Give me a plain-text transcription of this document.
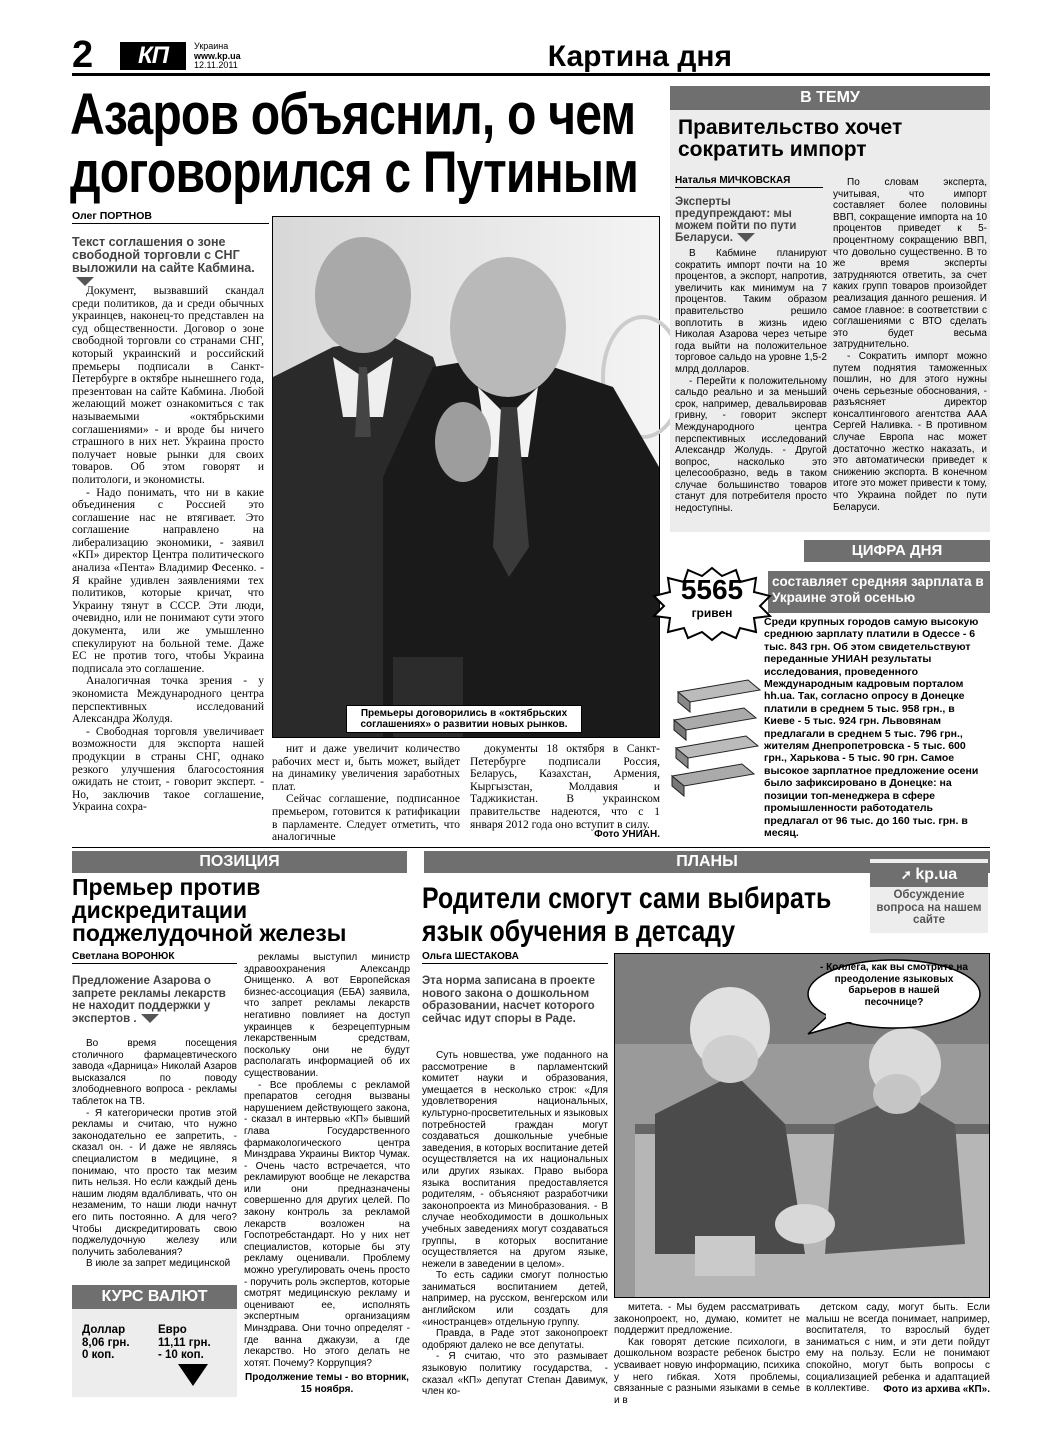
2	КП	Украина
www.kp.ua
12.11.2011	Картина дня
Азаров объяснил, о чем
договорился с Путиным
Олег ПОРТНОВ
Текст соглашения о зоне свободной торговли с СНГ выложили на сайте Кабмина.

Документ, вызвавший скандал среди политиков, да и среди обычных украинцев, наконец-то представлен на суд общественности. Договор о зоне свободной торговли со странами СНГ, который украинский и российский премьеры подписали в Санкт-Петербурге в октябре нынешнего года, презентован на сайте Кабмина. Любой желающий может ознакомиться с так называемыми «октябрьскими соглашениями» - и вроде бы ничего страшного в них нет. Украина просто получает новые рынки для своих товаров. Об этом говорят и политологи, и экономисты.

- Надо понимать, что ни в какие объединения с Россией это соглашение нас не втягивает. Это соглашение направлено на либерализацию экономики, - заявил «КП» директор Центра политического анализа «Пента» Владимир Фесенко. - Я крайне удивлен заявлениями тех политиков, которые кричат, что Украину тянут в СССР. Эти люди, очевидно, или не понимают сути этого документа, или же умышленно спекулируют на больной теме. Даже ЕС не против того, чтобы Украина подписала это соглашение.

Аналогичная точка зрения - у экономиста Международного центра перспективных исследований Александра Жолудя.

- Свободная торговля увеличивает возможности для экспорта нашей продукции в страны СНГ, однако резкого улучшения благосостояния ожидать не стоит, - говорит эксперт. - Но, заключив такое соглашение, Украина сохра-

Премьеры договорились в «октябрьских соглашениях» о развитии новых рынков.

нит и даже увеличит количество рабочих мест и, быть может, выйдет на динамику увеличения заработных плат.

Сейчас соглашение, подписанное премьером, готовится к ратификации в парламенте. Следует отметить, что аналогичные

документы 18 октября в Санкт-Петербурге подписали Россия, Беларусь, Казахстан, Армения, Кыргызстан, Молдавия и Таджикистан. В украинском правительстве надеются, что с 1 января 2012 года оно вступит в силу.

Фото УНИАН.
В ТЕМУ
Правительство хочет сократить импорт
Наталья МИЧКОВСКАЯ
Эксперты предупреждают: мы можем пойти по пути Беларуси.

В Кабмине планируют сократить импорт почти на 10 процентов, а экспорт, напротив, увеличить как минимум на 7 процентов. Таким образом правительство решило воплотить в жизнь идею Николая Азарова через четыре года выйти на положительное торговое сальдо на уровне 1,5-2 млрд долларов.

- Перейти к положительному сальдо реально и за меньший срок, например, девальвировав гривну, - говорит эксперт Международного центра перспективных исследований Александр Жолудь. - Другой вопрос, насколько это целесообразно, ведь в таком случае большинство товаров станут для потребителя просто недоступны.

По словам эксперта, учитывая, что импорт составляет более половины ВВП, сокращение импорта на 10 процентов приведет к 5-процентному сокращению ВВП, что довольно существенно. В то же время эксперты затрудняются ответить, за счет каких групп товаров произойдет реализация данного решения. И самое главное: в соответствии с соглашениями с ВТО сделать это будет весьма затруднительно.

- Сократить импорт можно путем поднятия таможенных пошлин, но для этого нужны очень серьезные обоснования, - разъясняет директор консалтингового агентства ААА Сергей Наливка. - В противном случае Европа нас может достаточно жестко наказать, и это автоматически приведет к снижению экспорта. В конечном итоге это может привести к тому, что Украина пойдет по пути Беларуси.

ЦИФРА ДНЯ
составляет средняя зарплата в Украине этой осенью
5565
гривен
Среди крупных городов самую высокую среднюю зарплату платили в Одессе - 6 тыс. 843 грн. Об этом свидетельствуют переданные УНИАН результаты исследования, проведенного Международным кадровым порталом hh.ua. Так, согласно опросу в Донецке платили в среднем 5 тыс. 958 грн., в Киеве - 5 тыс. 924 грн. Львовянам предлагали в среднем 5 тыс. 796 грн., жителям Днепропетровска - 5 тыс. 600 грн., Харькова - 5 тыс. 90 грн. Самое высокое зарплатное предложение осени было зафиксировано в Донецке: на позиции топ-менеджера в сфере промышленности работодатель предлагал от 96 тыс. до 160 тыс. грн. в месяц.
ПОЗИЦИЯ
Премьер против
дискредитации
поджелудочной железы
Светлана ВОРОНЮК
Предложение Азарова о запрете рекламы лекарств не находит поддержки у экспертов .

Во время посещения столичного фармацевтического завода «Дарница» Николай Азаров высказался по поводу злободневного вопроса - рекламы таблеток на ТВ.

- Я категорически против этой рекламы и считаю, что нужно законодательно ее запретить, - сказал он. - И даже не являясь специалистом в медицине, я понимаю, что просто так мезим пить нельзя. Но если каждый день нашим людям вдалбливать, что он незаменим, то наши люди начнут его пить постоянно. А для чего? Чтобы дискредитировать свою поджелудочную железу или получить заболевания?

В июле за запрет медицинской

рекламы выступил министр здравоохранения Александр Онищенко. А вот Европейская бизнес-ассоциация (ЕБА) заявила, что запрет рекламы лекарств негативно повлияет на доступ украинцев к безрецептурным лекарственным средствам, поскольку они не будут располагать информацией об их существовании.

- Все проблемы с рекламой препаратов сегодня вызваны нарушением действующего закона, - сказал в интервью «КП» бывший глава Государственного фармакологического центра Минздрава Украины Виктор Чумак. - Очень часто встречается, что рекламируют вообще не лекарства или они предназначены совершенно для других целей. По закону контроль за рекламой лекарств возложен на Госпотребстандарт. Но у них нет специалистов, которые бы эту рекламу оценивали. Проблему можно урегулировать очень просто - поручить роль экспертов, которые смотрят медицинскую рекламу и оценивают ее, исполнять экспертным организациям Минздрава. Они точно определят - где ванна джакузи, а где лекарство. Но этого делать не хотят. Почему? Коррупция?

Продолжение темы - во вторник, 15 ноября.
КУРС ВАЛЮТ
Доллар
8,06 грн.
0 коп.
Евро
11,11 грн.
- 10 коп.
ПЛАНЫ
Родители смогут сами выбирать
язык обучения в детсаду
➚ kp.ua
Обсуждение вопроса на нашем сайте
Ольга ШЕСТАКОВА
Эта норма записана в проекте нового закона о дошкольном образовании, насчет которого сейчас идут споры в Раде.

Суть новшества, уже поданного на рассмотрение в парламентский комитет науки и образования, умещается в несколько строк: «Для удовлетворения национальных, культурно-просветительных и языковых потребностей граждан могут создаваться дошкольные учебные заведения, в которых воспитание детей осуществляется на их национальных или других языках. Право выбора языка воспитания предоставляется родителям, - объясняют разработчики законопроекта из Минобразования. - В случае необходимости в дошкольных учебных заведениях могут создаваться группы, в которых воспитание осуществляется на другом языке, нежели в заведении в целом».

То есть садики смогут полностью заниматься воспитанием детей, например, на русском, венгерском или английском или создать для «иностранцев» отдельную группу.

Правда, в Раде этот законопроект одобряют далеко не все депутаты.

- Я считаю, что это размывает языковую политику государства, - сказал «КП» депутат Степан Давимук, член ко-

- Коллега, как вы смотрите на преодоление языковых барьеров в нашей песочнице?

митета. - Мы будем рассматривать законопроект, но, думаю, комитет не поддержит предложение.

Как говорят детские психологи, в дошкольном возрасте ребенок быстро усваивает новую информацию, психика у него гибкая. Хотя проблемы, связанные с разными языками в семье и в

детском саду, могут быть. Если малыш не всегда понимает, например, воспитателя, то взрослый будет заниматься с ним, и эти дети пойдут ему на пользу. Если не понимают спокойно, могут быть вопросы с социализацией ребенка и адаптацией в коллективе.	Фото из архива «КП».
